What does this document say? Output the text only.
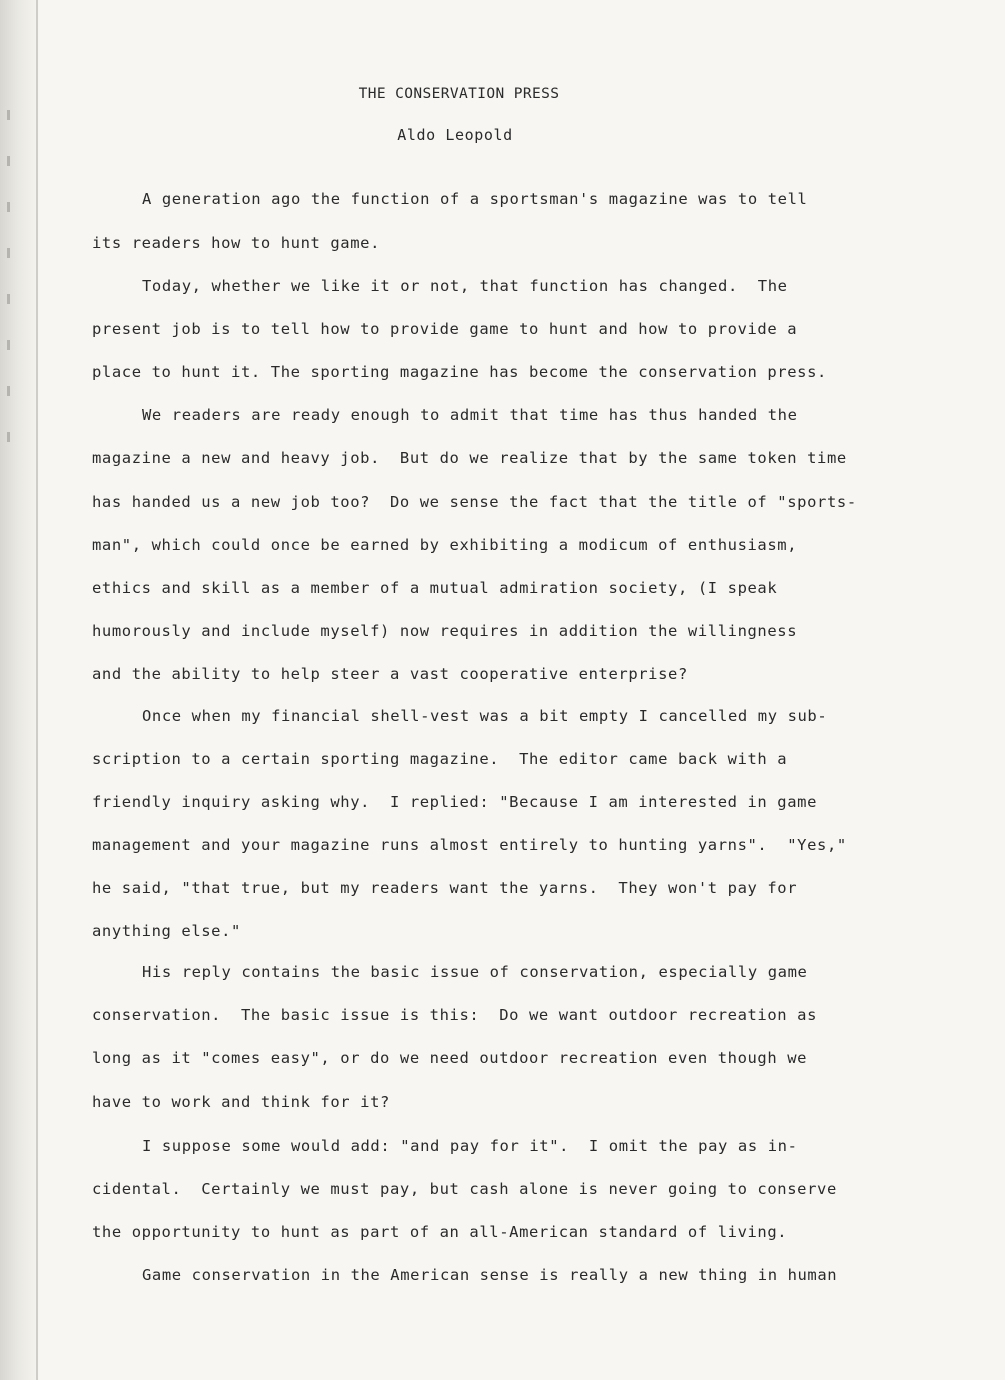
THE CONSERVATION PRESS
Aldo Leopold
A generation ago the function of a sportsman's magazine was to tell
its readers how to hunt game.
Today, whether we like it or not, that function has changed.  The
present job is to tell how to provide game to hunt and how to provide a
place to hunt it. The sporting magazine has become the conservation press.
We readers are ready enough to admit that time has thus handed the
magazine a new and heavy job.  But do we realize that by the same token time
has handed us a new job too?  Do we sense the fact that the title of "sports-
man", which could once be earned by exhibiting a modicum of enthusiasm,
ethics and skill as a member of a mutual admiration society, (I speak
humorously and include myself) now requires in addition the willingness
and the ability to help steer a vast cooperative enterprise?
Once when my financial shell-vest was a bit empty I cancelled my sub-
scription to a certain sporting magazine.  The editor came back with a
friendly inquiry asking why.  I replied: "Because I am interested in game
management and your magazine runs almost entirely to hunting yarns".  "Yes,"
he said, "that true, but my readers want the yarns.  They won't pay for
anything else."
His reply contains the basic issue of conservation, especially game
conservation.  The basic issue is this:  Do we want outdoor recreation as
long as it "comes easy", or do we need outdoor recreation even though we
have to work and think for it?
I suppose some would add: "and pay for it".  I omit the pay as in-
cidental.  Certainly we must pay, but cash alone is never going to conserve
the opportunity to hunt as part of an all-American standard of living.
Game conservation in the American sense is really a new thing in human
